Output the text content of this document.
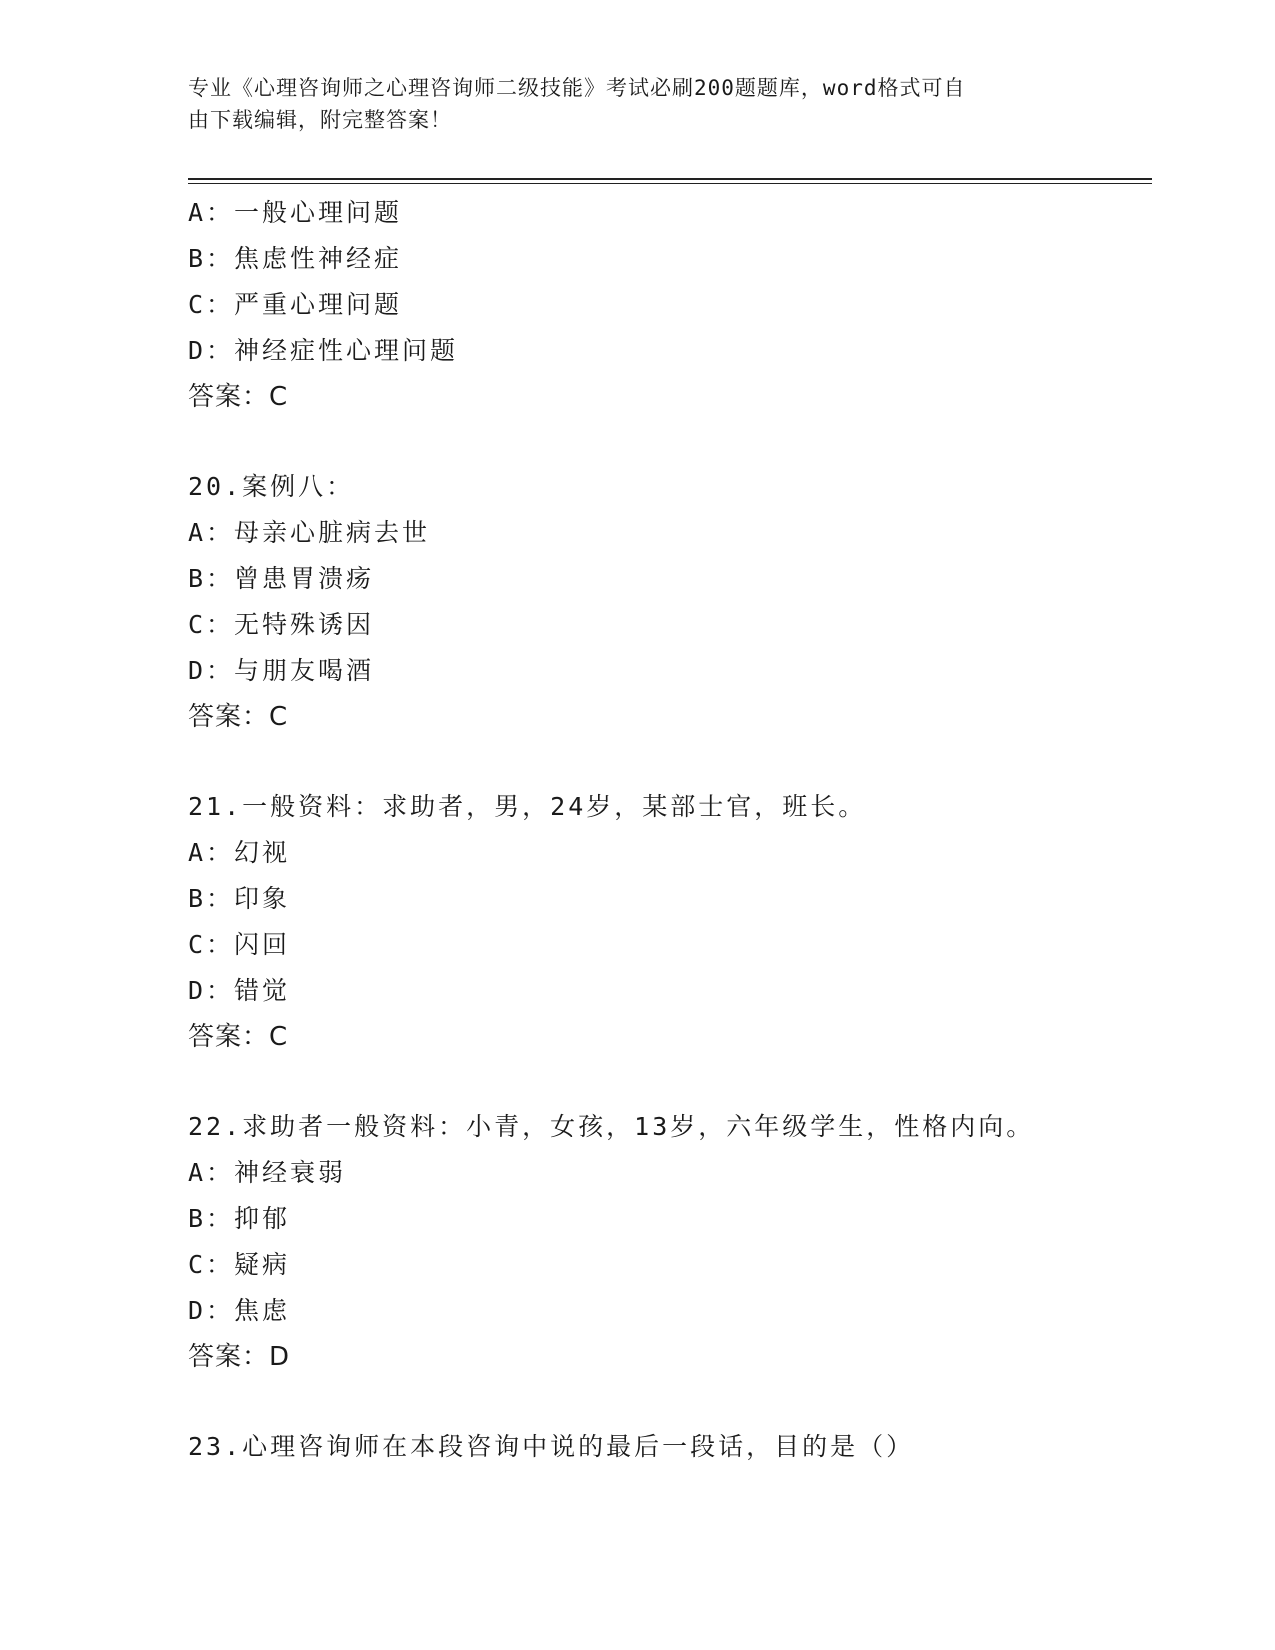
专业《心理咨询师之心理咨询师二级技能》考试必刷200题题库，word格式可自
由下载编辑，附完整答案！
A：一般心理问题
B：焦虑性神经症
C：严重心理问题
D：神经症性心理问题
答案：C
20.案例八：
A：母亲心脏病去世
B：曾患胃溃疡
C：无特殊诱因
D：与朋友喝酒
答案：C
21.一般资料：求助者，男，24岁，某部士官，班长。
A：幻视
B：印象
C：闪回
D：错觉
答案：C
22.求助者一般资料：小青，女孩，13岁，六年级学生，性格内向。
A：神经衰弱
B：抑郁
C：疑病
D：焦虑
答案：D
23.心理咨询师在本段咨询中说的最后一段话，目的是（）
